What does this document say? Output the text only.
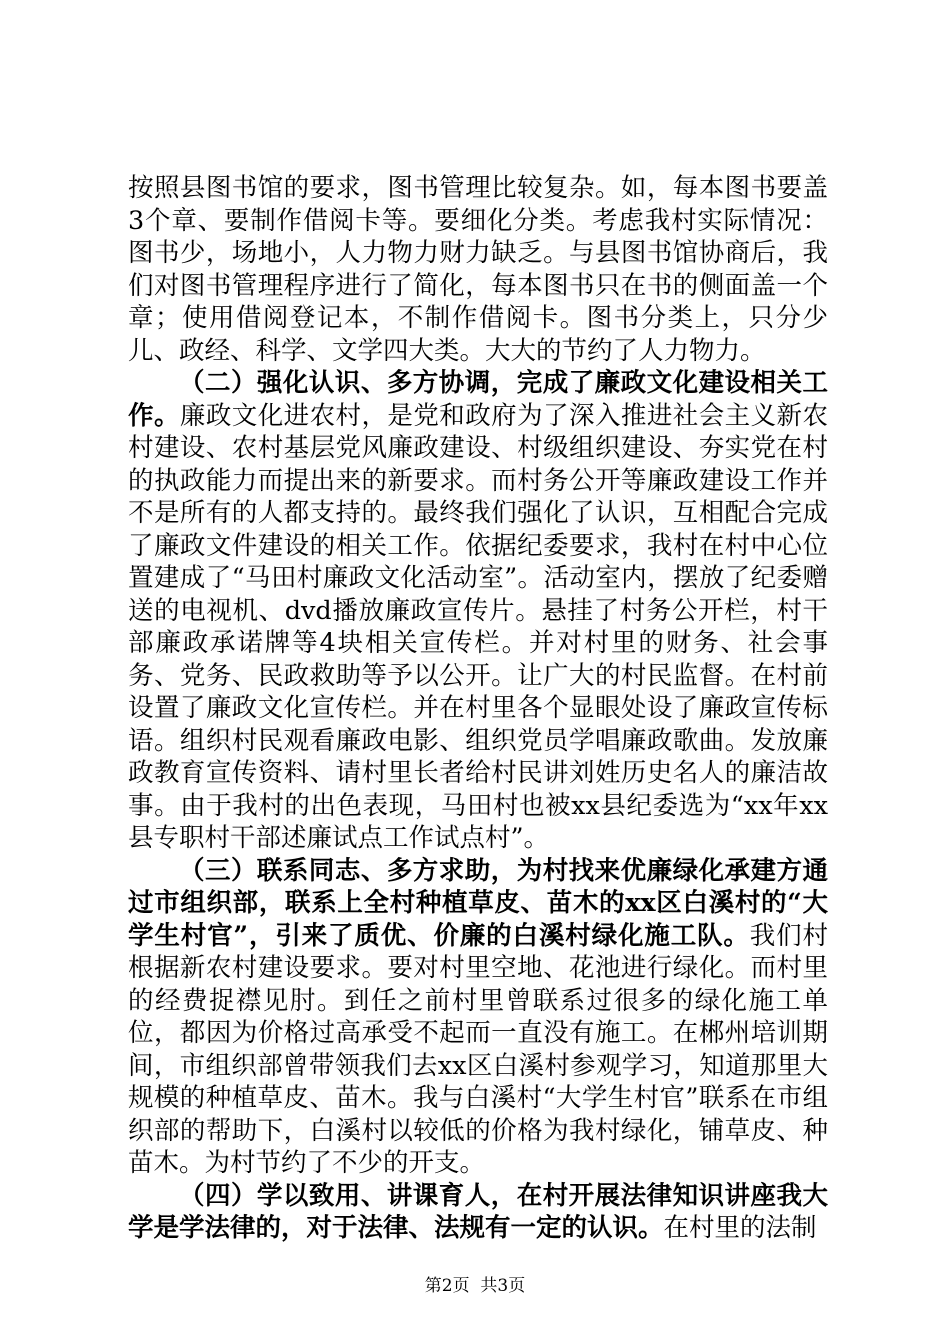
按照县图书馆的要求，图书管理比较复杂。如，每本图书要盖3个章、要制作借阅卡等。要细化分类。考虑我村实际情况：图书少，场地小，人力物力财力缺乏。与县图书馆协商后，我们对图书管理程序进行了简化，每本图书只在书的侧面盖一个章；使用借阅登记本，不制作借阅卡。图书分类上，只分少儿、政经、科学、文学四大类。大大的节约了人力物力。

（二）强化认识、多方协调，完成了廉政文化建设相关工作。廉政文化进农村，是党和政府为了深入推进社会主义新农村建设、农村基层党风廉政建设、村级组织建设、夯实党在村的执政能力而提出来的新要求。而村务公开等廉政建设工作并不是所有的人都支持的。最终我们强化了认识，互相配合完成了廉政文件建设的相关工作。依据纪委要求，我村在村中心位置建成了“马田村廉政文化活动室”。活动室内，摆放了纪委赠送的电视机、dvd播放廉政宣传片。悬挂了村务公开栏，村干部廉政承诺牌等4块相关宣传栏。并对村里的财务、社会事务、党务、民政救助等予以公开。让广大的村民监督。在村前设置了廉政文化宣传栏。并在村里各个显眼处设了廉政宣传标语。组织村民观看廉政电影、组织党员学唱廉政歌曲。发放廉政教育宣传资料、请村里长者给村民讲刘姓历史名人的廉洁故事。由于我村的出色表现，马田村也被xx县纪委选为“xx年xx县专职村干部述廉试点工作试点村”。

（三）联系同志、多方求助，为村找来优廉绿化承建方通过市组织部，联系上全村种植草皮、苗木的xx区白溪村的“大学生村官”，引来了质优、价廉的白溪村绿化施工队。我们村根据新农村建设要求。要对村里空地、花池进行绿化。而村里的经费捉襟见肘。到任之前村里曾联系过很多的绿化施工单位，都因为价格过高承受不起而一直没有施工。在郴州培训期间，市组织部曾带领我们去xx区白溪村参观学习，知道那里大规模的种植草皮、苗木。我与白溪村“大学生村官”联系在市组织部的帮助下，白溪村以较低的价格为我村绿化，铺草皮、种苗木。为村节约了不少的开支。

（四）学以致用、讲课育人，在村开展法律知识讲座我大学是学法律的，对于法律、法规有一定的认识。在村里的法制

第2页  共3页
